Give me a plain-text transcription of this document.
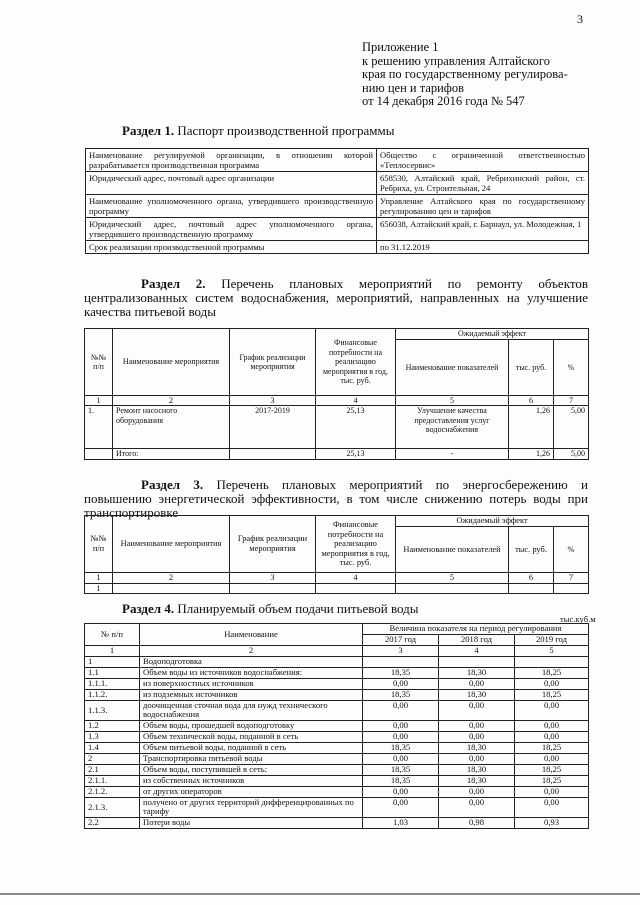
3
Приложение 1
к решению управления Алтайского
края по государственному регулирова-
нию цен и тарифов
от 14 декабря 2016 года № 547
Раздел 1. Паспорт производственной программы
Наименование регулируемой организации, в отношении которой разрабатывается производственная программа	Общество с ограниченной ответственностью «Теплосервис»
Юридический адрес, почтовый адрес организации	658530, Алтайский край, Ребрихинский район, ст. Ребриха, ул. Строительная, 24
Наименование уполномоченного органа, утвердившего производственную программу	Управление Алтайского края по государственному регулированию цен и тарифов
Юридический адрес, почтовый адрес уполномоченного органа, утвердившего производственную программу	656038, Алтайский край, г. Барнаул, ул. Молодежная, 1
Срок реализации производственной программы	по 31.12.2019
Раздел 2. Перечень плановых мероприятий по ремонту объектов централизованных систем водоснабжения, мероприятий, направленных на улучшение качества питьевой воды
№№ п/п	Наименование мероприятия	График реализации мероприятия	Финансовые потребности на реализацию мероприятия в год, тыс. руб.	Ожидаемый эффект		
				Наименование показателей	тыс. руб.	%
1	2	3	4	5	6	7
1.	Ремонт насосного оборудования	2017-2019	25,13	Улучшение качества предоставления услуг водоснабжения	1,26	5,00
	Итого:		25,13	-	1,26	5,00
Раздел 3. Перечень плановых мероприятий по энергосбережению и повышению энергетической эффективности, в том числе снижению потерь воды при транспортировке
№№ п/п	Наименование мероприятия	График реализации мероприятия	Финансовые потребности на реализацию мероприятия в год, тыс. руб.	Ожидаемый эффект		
				Наименование показателей	тыс. руб.	%
1	2	3	4	5	6	7
1						
Раздел 4. Планируемый объем подачи питьевой воды
тыс.куб.м
№ п/п	Наименование	Величина показателя на период регулирования		
		2017 год	2018 год	2019 год
1	2	3	4	5
1	Водоподготовка			
1.1	Объем воды из источников водоснабжения:	18,35	18,30	18,25
1.1.1.	из поверхностных источников	0,00	0,00	0,00
1.1.2.	из подземных источников	18,35	18,30	18,25
1.1.3.	доочищенная сточная вода для нужд технического водоснабжения	0,00	0,00	0,00
1.2	Объем воды, прошедшей водоподготовку	0,00	0,00	0,00
1.3	Объем технической воды, поданной в сеть	0,00	0,00	0,00
1.4	Объем питьевой воды, поданной в сеть	18,35	18,30	18,25
2	Транспортировка питьевой воды	0,00	0,00	0,00
2.1	Объем воды, поступившей в сеть:	18,35	18,30	18,25
2.1.1.	из собственных источников	18,35	18,30	18,25
2.1.2.	от других операторов	0,00	0,00	0,00
2.1.3.	получено от других территорий дифференцированных по тарифу	0,00	0,00	0,00
2.2	Потери воды	1,03	0,98	0,93
